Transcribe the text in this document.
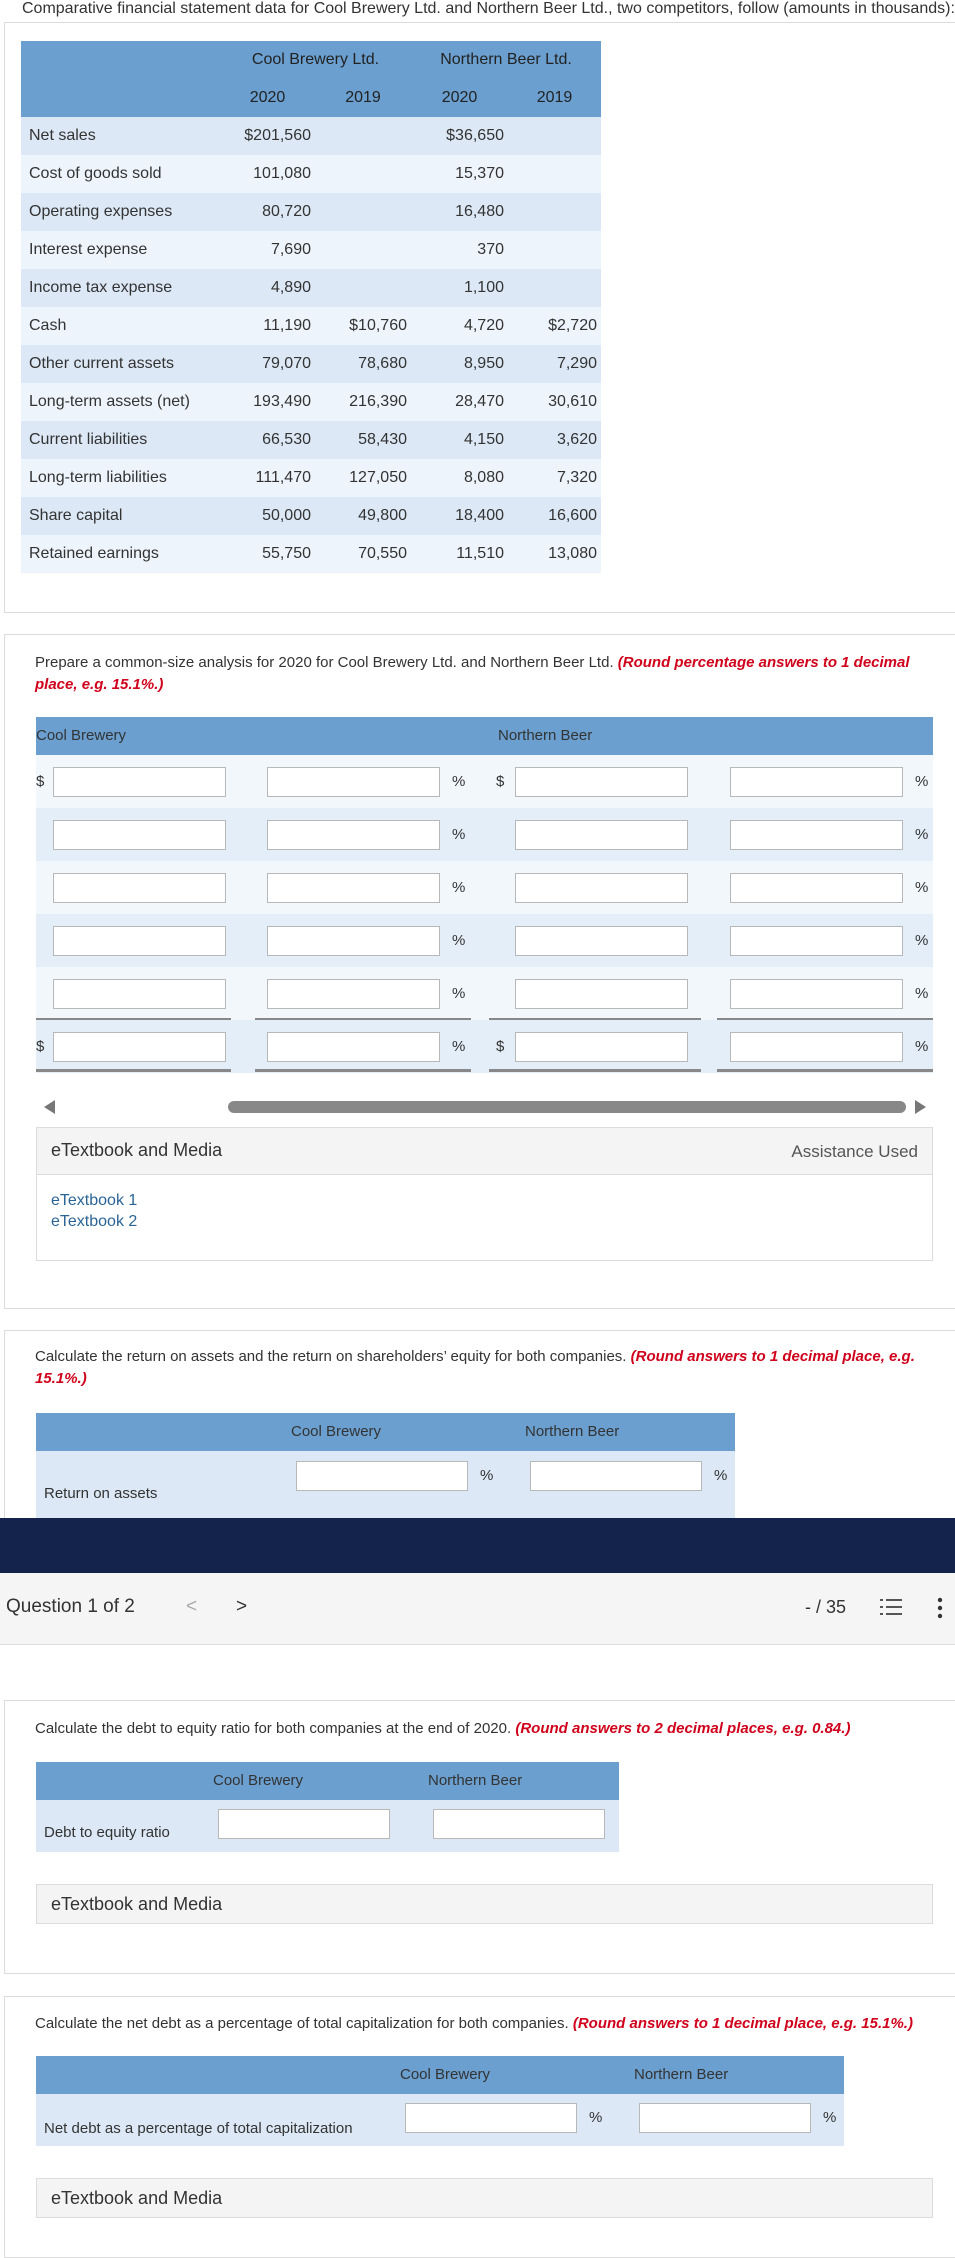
Comparative financial statement data for Cool Brewery Ltd. and Northern Beer Ltd., two competitors, follow (amounts in thousands):
	Cool Brewery Ltd.		Northern Beer Ltd.	
	2020	2019	2020	2019
Net sales	$201,560		$36,650	
Cost of goods sold	101,080		15,370	
Operating expenses	80,720		16,480	
Interest expense	7,690		370	
Income tax expense	4,890		1,100	
Cash	11,190	$10,760	4,720	$2,720
Other current assets	79,070	78,680	8,950	7,290
Long-term assets (net)	193,490	216,390	28,470	30,610
Current liabilities	66,530	58,430	4,150	3,620
Long-term liabilities	111,470	127,050	8,080	7,320
Share capital	50,000	49,800	18,400	16,600
Retained earnings	55,750	70,550	11,510	13,080
Prepare a common-size analysis for 2020 for Cool Brewery Ltd. and Northern Beer Ltd. (Round percentage answers to 1 decimal place, e.g. 15.1%.)
Cool Brewery	Northern Beer
$	% $	%
%	%
%	%
%	%
%	%
$	% $	%
eTextbook and Media	Assistance Used
eTextbook 1
eTextbook 2
Calculate the return on assets and the return on shareholders’ equity for both companies. (Round answers to 1 decimal place, e.g. 15.1%.)
Cool Brewery	Northern Beer
Return on assets
%	%
Question 1 of 2	< >	- / 35
Calculate the debt to equity ratio for both companies at the end of 2020. (Round answers to 2 decimal places, e.g. 0.84.)
Cool Brewery	Northern Beer
Debt to equity ratio
eTextbook and Media
Calculate the net debt as a percentage of total capitalization for both companies. (Round answers to 1 decimal place, e.g. 15.1%.)
Cool Brewery	Northern Beer
Net debt as a percentage of total capitalization
%	%
eTextbook and Media
